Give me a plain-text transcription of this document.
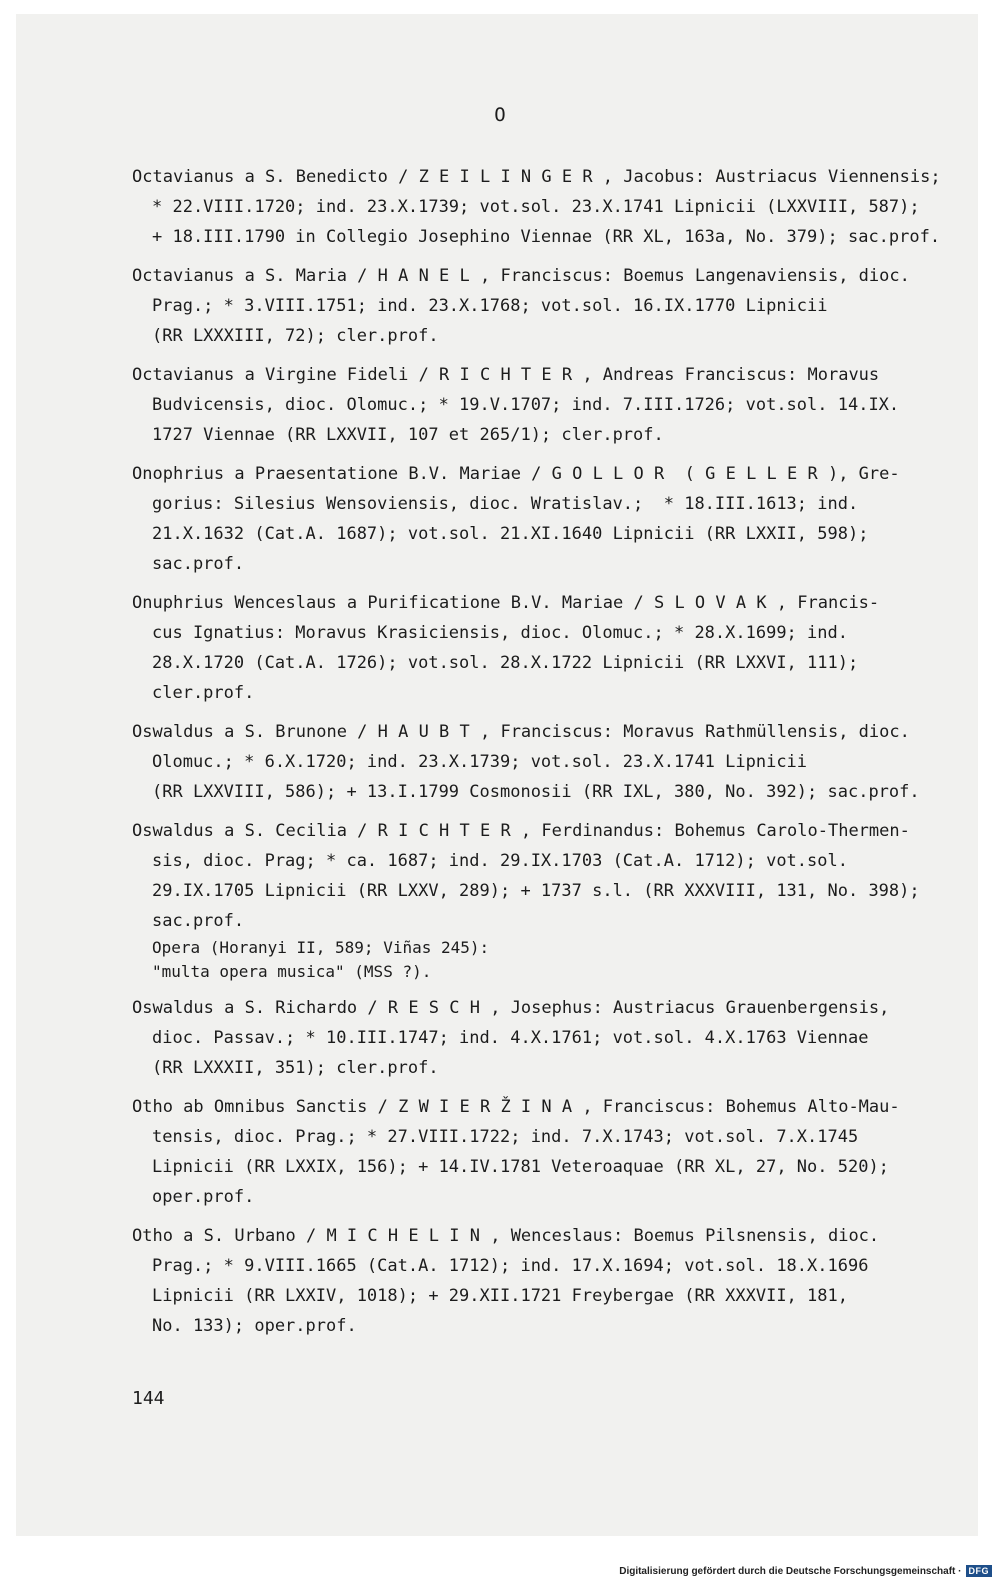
O
Octavianus a S. Benedicto / Z E I L I N G E R , Jacobus: Austriacus Viennensis;
* 22.VIII.1720; ind. 23.X.1739; vot.sol. 23.X.1741 Lipnicii (LXXVIII, 587);
+ 18.III.1790 in Collegio Josephino Viennae (RR XL, 163a, No. 379); sac.prof.
Octavianus a S. Maria / H A N E L , Franciscus: Boemus Langenaviensis, dioc.
Prag.; * 3.VIII.1751; ind. 23.X.1768; vot.sol. 16.IX.1770 Lipnicii
(RR LXXXIII, 72); cler.prof.
Octavianus a Virgine Fideli / R I C H T E R , Andreas Franciscus: Moravus
Budvicensis, dioc. Olomuc.; * 19.V.1707; ind. 7.III.1726; vot.sol. 14.IX.
1727 Viennae (RR LXXVII, 107 et 265/1); cler.prof.
Onophrius a Praesentatione B.V. Mariae / G O L L O R  ( G E L L E R ), Gre-
gorius: Silesius Wensoviensis, dioc. Wratislav.;  * 18.III.1613; ind.
21.X.1632 (Cat.A. 1687); vot.sol. 21.XI.1640 Lipnicii (RR LXXII, 598);
sac.prof.
Onuphrius Wenceslaus a Purificatione B.V. Mariae / S L O V A K , Francis-
cus Ignatius: Moravus Krasiciensis, dioc. Olomuc.; * 28.X.1699; ind.
28.X.1720 (Cat.A. 1726); vot.sol. 28.X.1722 Lipnicii (RR LXXVI, 111);
cler.prof.
Oswaldus a S. Brunone / H A U B T , Franciscus: Moravus Rathmüllensis, dioc.
Olomuc.; * 6.X.1720; ind. 23.X.1739; vot.sol. 23.X.1741 Lipnicii
(RR LXXVIII, 586); + 13.I.1799 Cosmonosii (RR IXL, 380, No. 392); sac.prof.
Oswaldus a S. Cecilia / R I C H T E R , Ferdinandus: Bohemus Carolo-Thermen-
sis, dioc. Prag; * ca. 1687; ind. 29.IX.1703 (Cat.A. 1712); vot.sol.
29.IX.1705 Lipnicii (RR LXXV, 289); + 1737 s.l. (RR XXXVIII, 131, No. 398);
sac.prof.
Opera (Horanyi II, 589; Viñas 245):
"multa opera musica" (MSS ?).
Oswaldus a S. Richardo / R E S C H , Josephus: Austriacus Grauenbergensis,
dioc. Passav.; * 10.III.1747; ind. 4.X.1761; vot.sol. 4.X.1763 Viennae
(RR LXXXII, 351); cler.prof.
Otho ab Omnibus Sanctis / Z W I E R Ž I N A , Franciscus: Bohemus Alto-Mau-
tensis, dioc. Prag.; * 27.VIII.1722; ind. 7.X.1743; vot.sol. 7.X.1745
Lipnicii (RR LXXIX, 156); + 14.IV.1781 Veteroaquae (RR XL, 27, No. 520);
oper.prof.
Otho a S. Urbano / M I C H E L I N , Wenceslaus: Boemus Pilsnensis, dioc.
Prag.; * 9.VIII.1665 (Cat.A. 1712); ind. 17.X.1694; vot.sol. 18.X.1696
Lipnicii (RR LXXIV, 1018); + 29.XII.1721 Freybergae (RR XXXVII, 181,
No. 133); oper.prof.
144
Digitalisierung gefördert durch die Deutsche Forschungsgemeinschaft · DFG
